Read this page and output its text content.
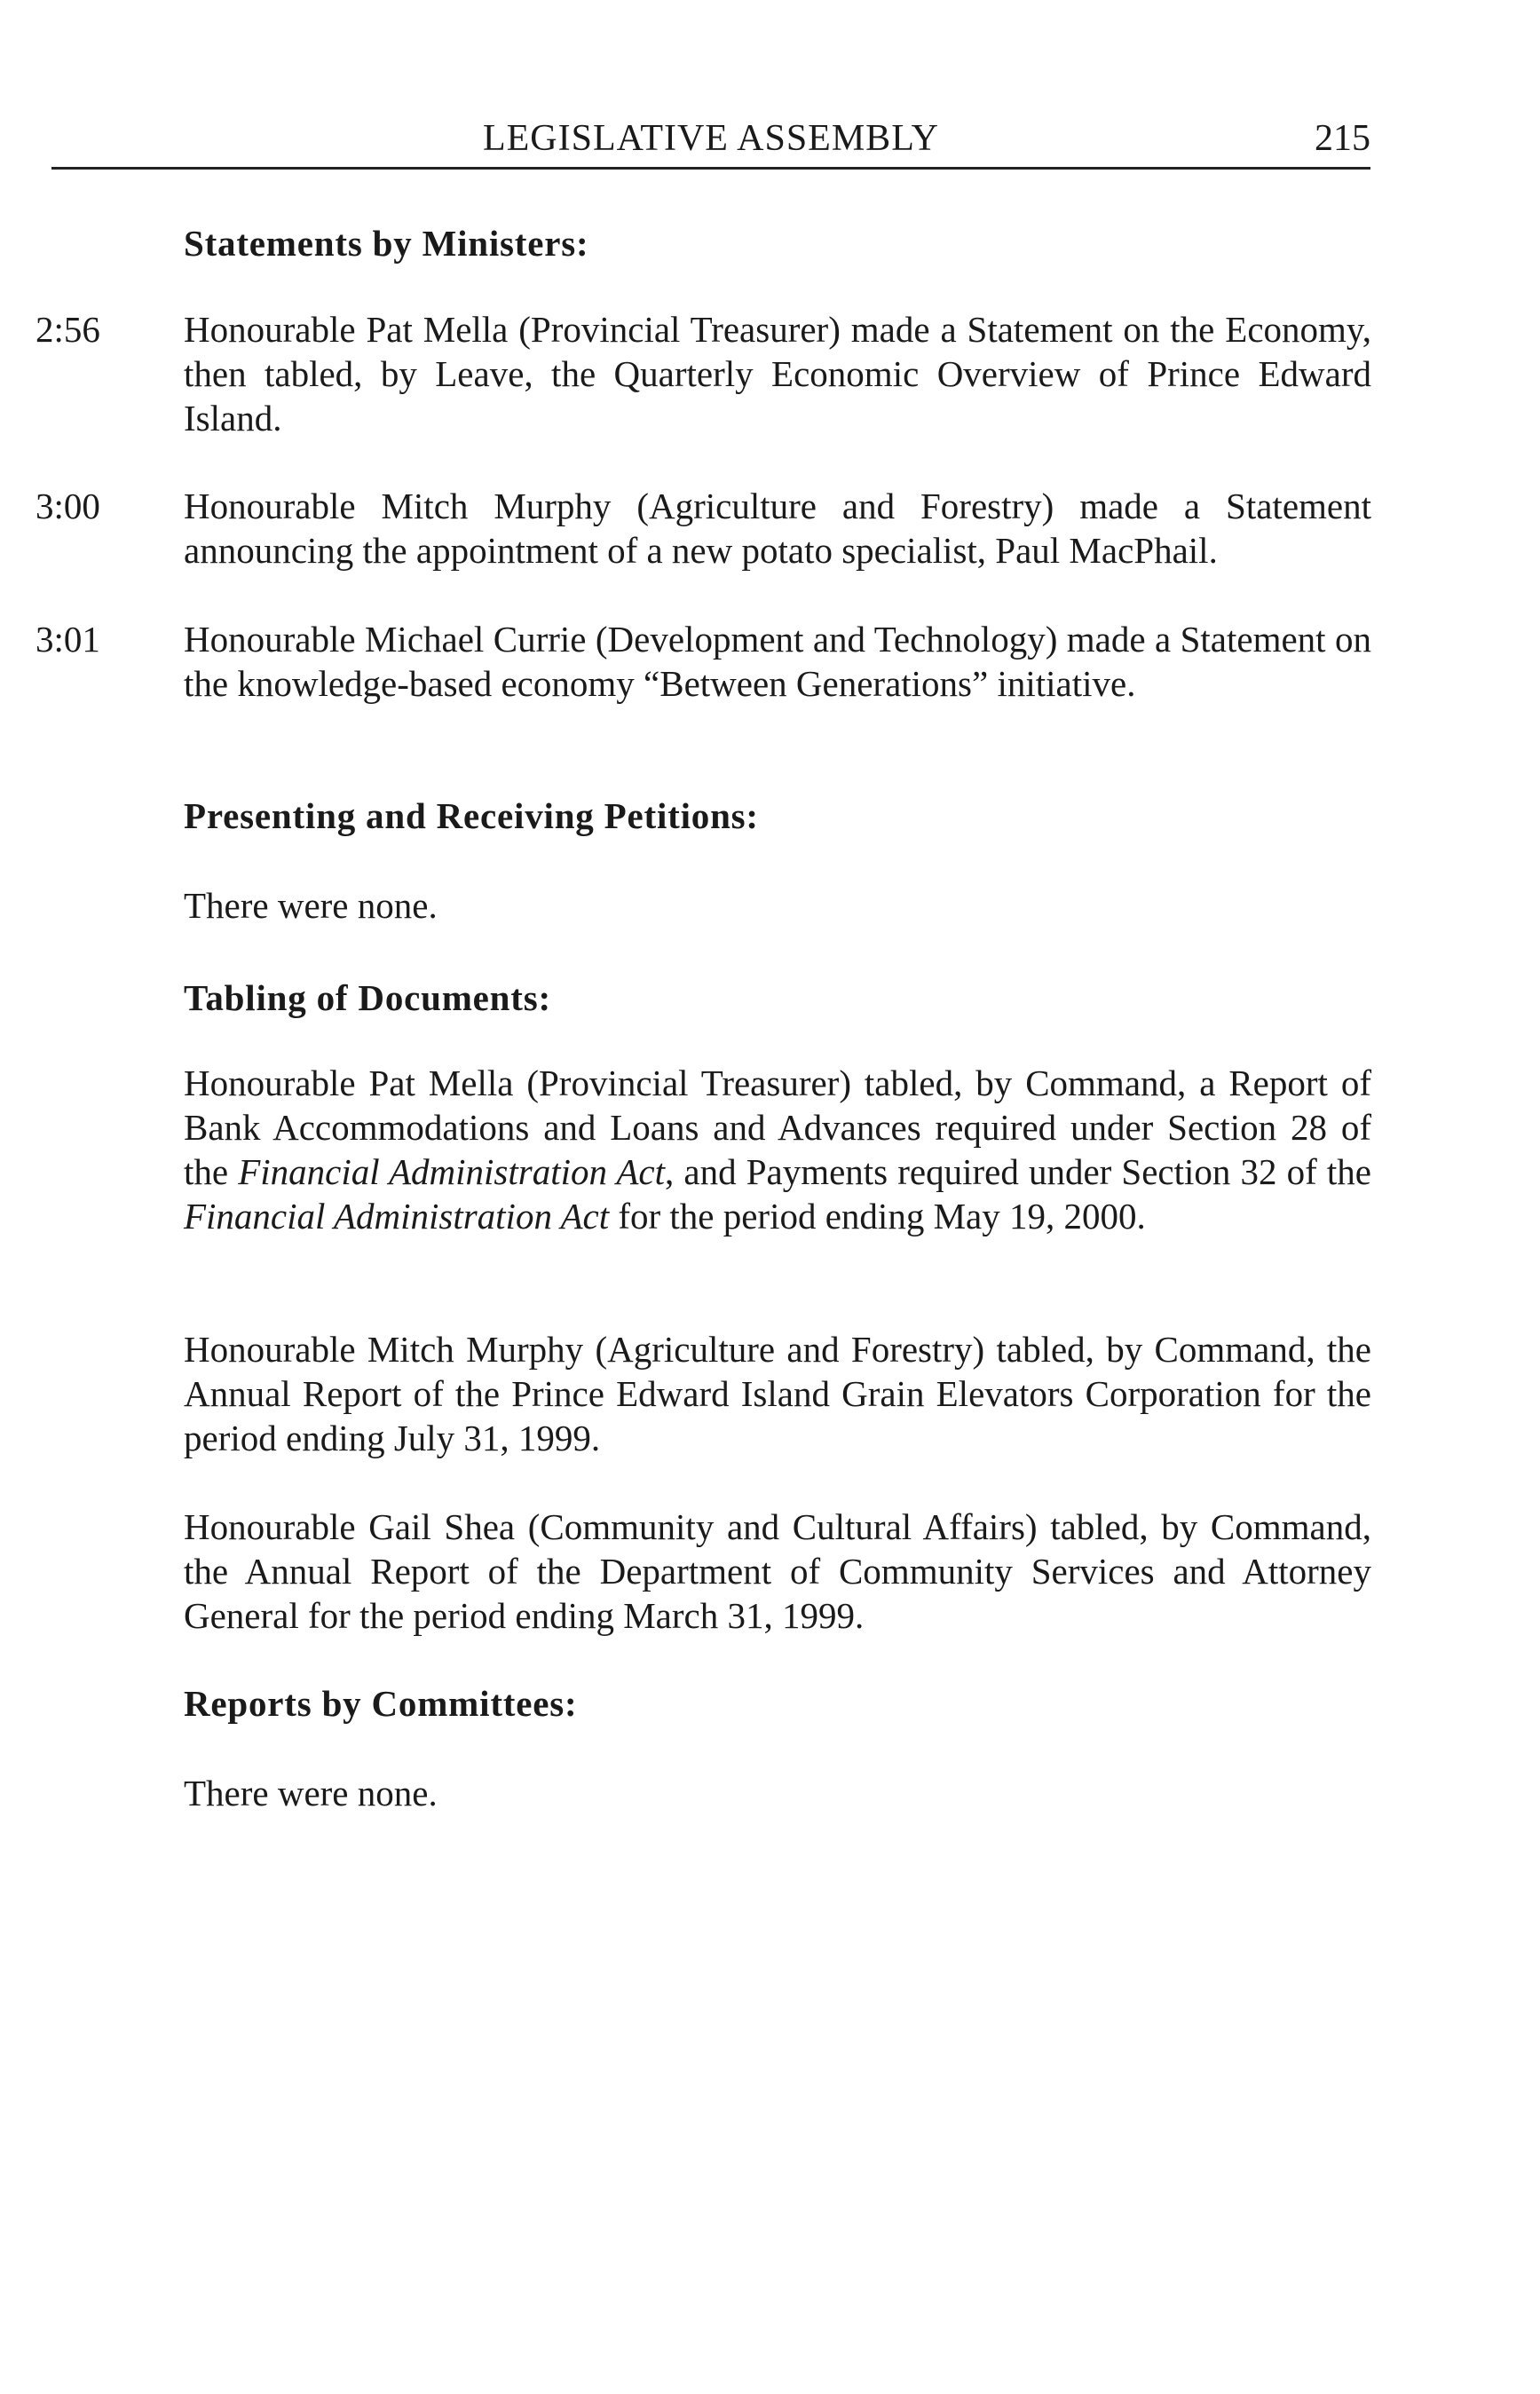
LEGISLATIVE ASSEMBLY	215
Statements by Ministers:
2:56 Honourable Pat Mella (Provincial Treasurer) made a Statement on the Economy, then tabled, by Leave, the Quarterly Economic Overview of Prince Edward Island.
3:00 Honourable Mitch Murphy (Agriculture and Forestry) made a Statement announcing the appointment of a new potato specialist, Paul MacPhail.
3:01 Honourable Michael Currie (Development and Technology) made a Statement on the knowledge-based economy “Between Generations” initiative.
Presenting and Receiving Petitions:
There were none.
Tabling of Documents:
Honourable Pat Mella (Provincial Treasurer) tabled, by Command, a Report of Bank Accommodations and Loans and Advances required under Section 28 of the Financial Administration Act, and Payments required under Section 32 of the Financial Administration Act for the period ending May 19, 2000.
Honourable Mitch Murphy (Agriculture and Forestry) tabled, by Command, the Annual Report of the Prince Edward Island Grain Elevators Corporation for the period ending July 31, 1999.
Honourable Gail Shea (Community and Cultural Affairs) tabled, by Command, the Annual Report of the Department of Community Services and Attorney General for the period ending March 31, 1999.
Reports by Committees:
There were none.
